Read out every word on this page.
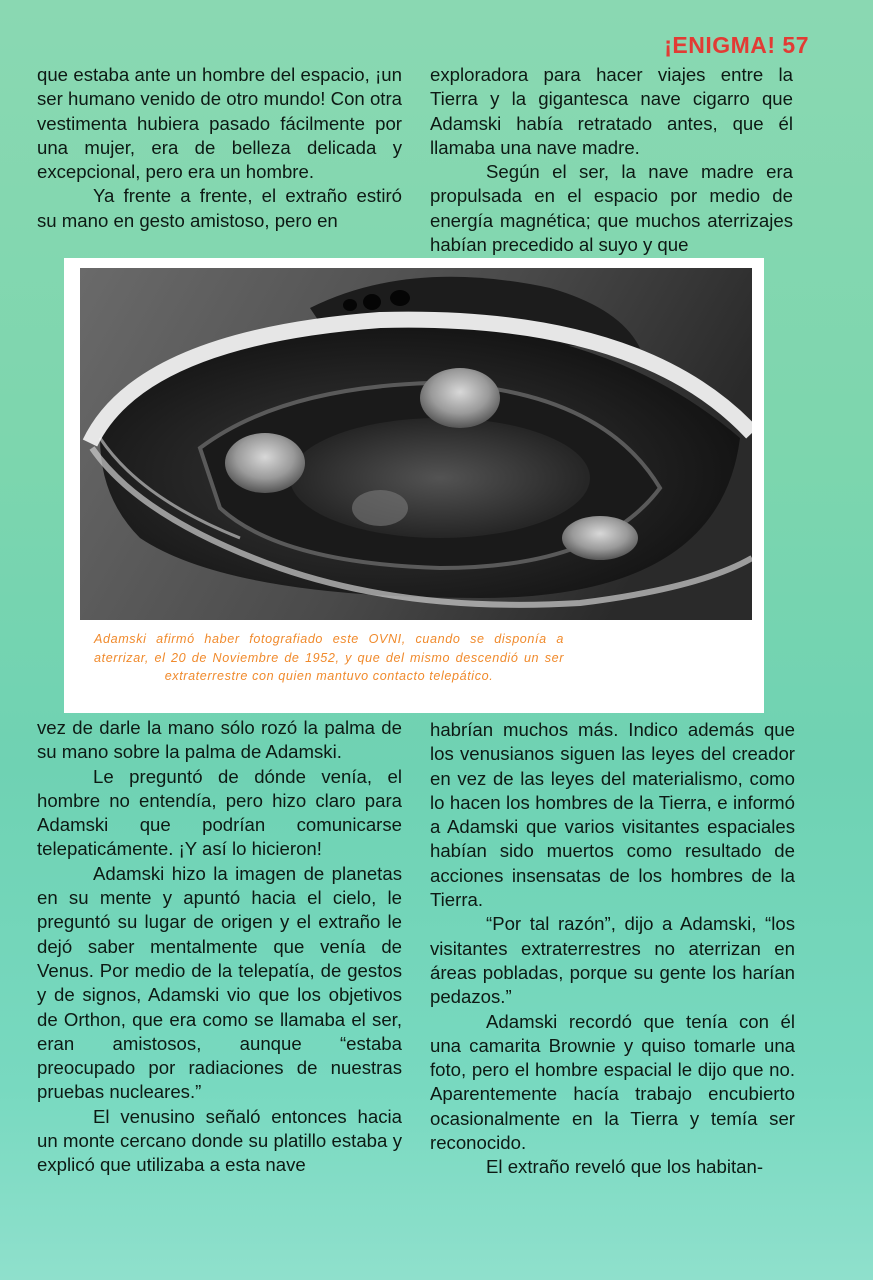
¡ENIGMA! 57

que estaba ante un hombre del espacio, ¡un ser humano venido de otro mundo! Con otra vestimenta hubiera pasado fácilmente por una mujer, era de belleza delicada y excepcional, pero era un hombre.

Ya frente a frente, el extraño estiró su mano en gesto amistoso, pero en

exploradora para hacer viajes entre la Tierra y la gigantesca nave cigarro que Adamski había retratado antes, que él llamaba una nave madre.

Según el ser, la nave madre era propulsada en el espacio por medio de energía magnética; que muchos aterrizajes habían precedido al suyo y que

Adamski afirmó haber fotografiado este OVNI, cuando se disponía a aterrizar, el 20 de Noviembre de 1952, y que del mismo descendió un ser extraterrestre con quien mantuvo contacto telepático.

vez de darle la mano sólo rozó la palma de su mano sobre la palma de Adamski.

Le preguntó de dónde venía, el hombre no entendía, pero hizo claro para Adamski que podrían comunicarse telepaticámente. ¡Y así lo hicieron!

Adamski hizo la imagen de planetas en su mente y apuntó hacia el cielo, le preguntó su lugar de origen y el extraño le dejó saber mentalmente que venía de Venus. Por medio de la telepatía, de gestos y de signos, Adamski vio que los objetivos de Orthon, que era como se llamaba el ser, eran amistosos, aunque “estaba preocupado por radiaciones de nuestras pruebas nucleares.”

El venusino señaló entonces hacia un monte cercano donde su platillo estaba y explicó que utilizaba a esta nave

habrían muchos más. Indico además que los venusianos siguen las leyes del creador en vez de las leyes del materialismo, como lo hacen los hombres de la Tierra, e informó a Adamski que varios visitantes espaciales habían sido muertos como resultado de acciones insensatas de los hombres de la Tierra.

“Por tal razón”, dijo a Adamski, “los visitantes extraterrestres no aterrizan en áreas pobladas, porque su gente los harían pedazos.”

Adamski recordó que tenía con él una camarita Brownie y quiso tomarle una foto, pero el hombre espacial le dijo que no. Aparentemente hacía trabajo encubierto ocasionalmente en la Tierra y temía ser reconocido.

El extraño reveló que los habitan-
